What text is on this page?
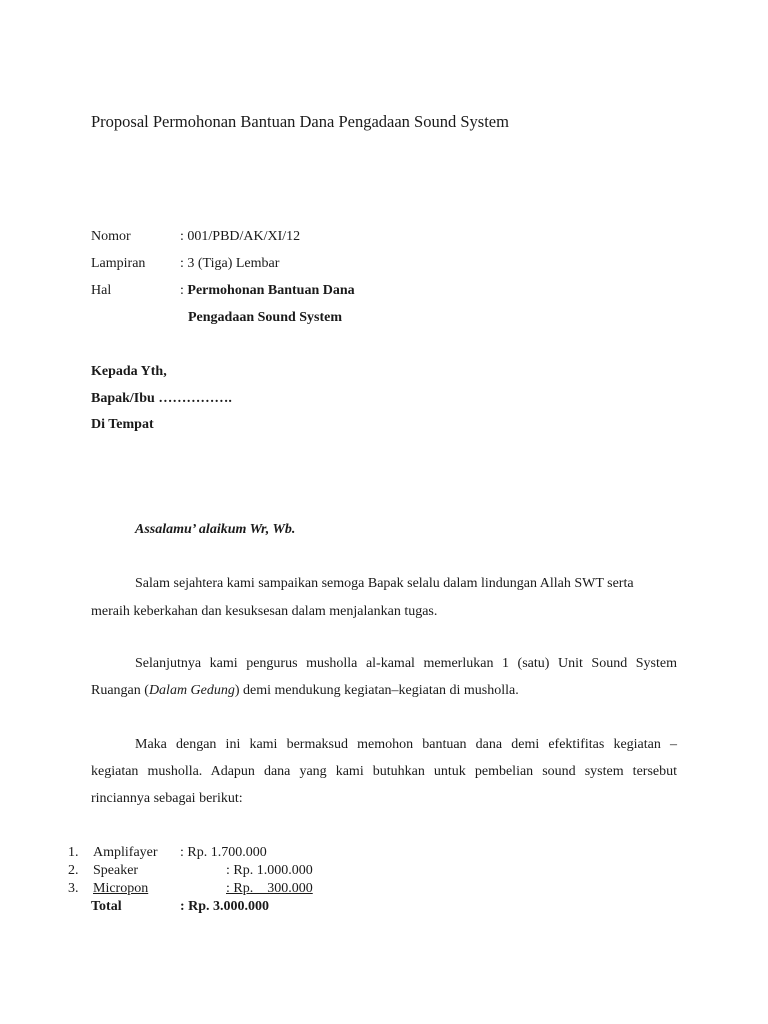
Proposal Permohonan Bantuan Dana Pengadaan Sound System
Nomor	: 001/PBD/AK/XI/12
Lampiran : 3 (Tiga) Lembar
Hal	: Permohonan Bantuan Dana
Pengadaan Sound System
Kepada Yth,
Bapak/Ibu …………….
Di Tempat
Assalamu’ alaikum Wr, Wb.
Salam sejahtera kami sampaikan semoga Bapak selalu dalam lindungan Allah SWT serta
meraih keberkahan dan kesuksesan dalam menjalankan tugas.
Selanjutnya kami pengurus musholla al-kamal memerlukan 1 (satu) Unit Sound System
Ruangan (Dalam Gedung) demi mendukung kegiatan–kegiatan di musholla.
Maka dengan ini kami bermaksud memohon bantuan dana demi efektifitas kegiatan –
kegiatan musholla. Adapun dana yang kami butuhkan untuk pembelian sound system tersebut
rinciannya sebagai berikut:
1. Amplifayer : Rp. 1.700.000
2. Speaker	: Rp. 1.000.000
3. Micropon	: Rp.    300.000
Total	: Rp. 3.000.000
